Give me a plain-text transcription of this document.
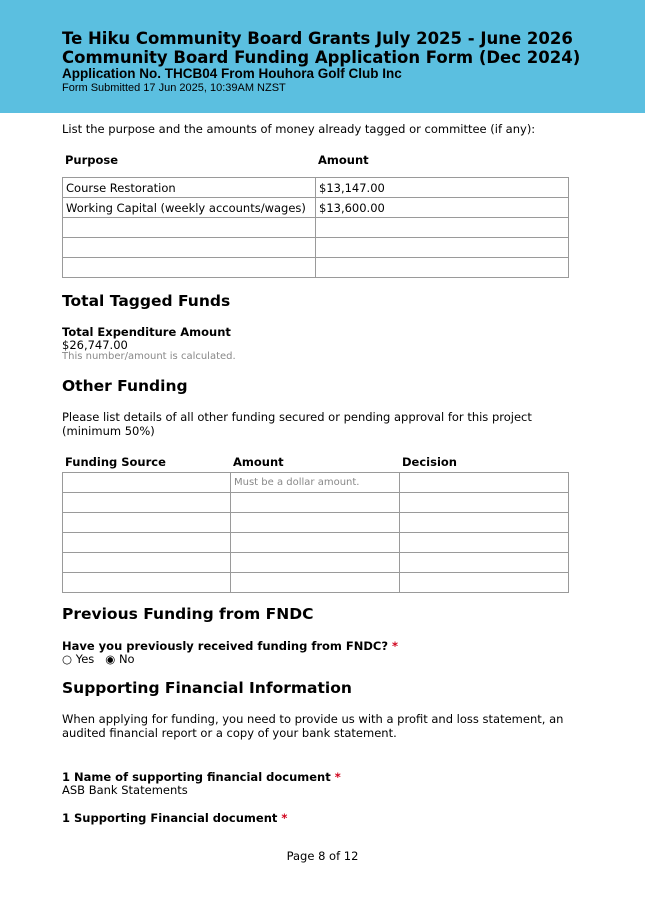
Te Hiku Community Board Grants July 2025 - June 2026
Community Board Funding Application Form (Dec 2024)
Application No. THCB04 From Houhora Golf Club Inc
Form Submitted 17 Jun 2025, 10:39AM NZST
List the purpose and the amounts of money already tagged or committee (if any):
Purpose	Amount
Course Restoration	$13,147.00
Working Capital (weekly accounts/wages)	$13,600.00

Total Tagged Funds
Total Expenditure Amount
$26,747.00
This number/amount is calculated.
Other Funding
Please list details of all other funding secured or pending approval for this project (minimum 50%)
Funding Source	Amount	Decision
	Must be a dollar amount.	

Previous Funding from FNDC
Have you previously received funding from FNDC? *
○ Yes ◉ No
Supporting Financial Information
When applying for funding, you need to provide us with a profit and loss statement, an audited financial report or a copy of your bank statement.
1 Name of supporting financial document *
ASB Bank Statements
1 Supporting Financial document *
Page 8 of 12
